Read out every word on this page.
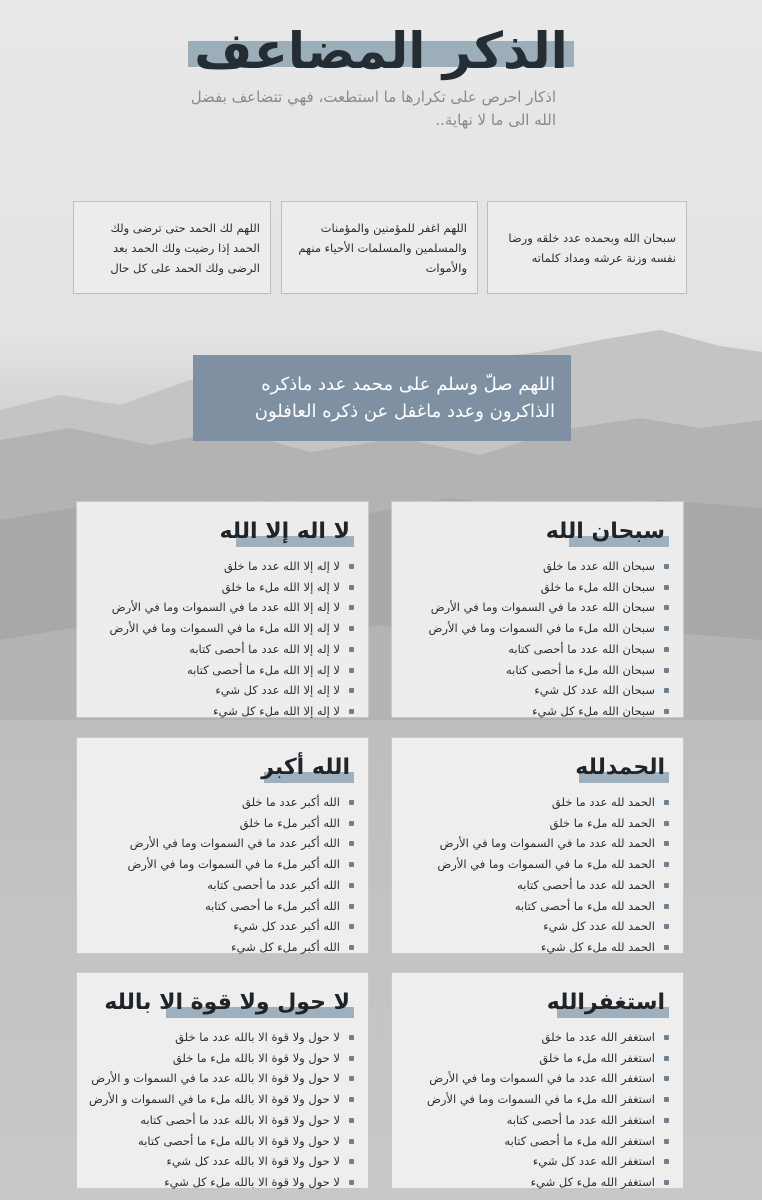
الذكر المضاعف
اذكار احرص على تكرارها ما استطعت، فهي تتضاعف بفضل الله الى ما لا نهاية..
سبحان الله وبحمده عدد خلقه ورضا نفسه وزنة عرشه ومداد كلماته
اللهم اغفر للمؤمنين والمؤمنات والمسلمين والمسلمات الأحياء منهم والأموات
اللهم لك الحمد حتى ترضى ولك الحمد إذا رضيت ولك الحمد بعد الرضى ولك الحمد على كل حال
اللهم صلّ وسلم على محمد عدد ماذكره الذاكرون وعدد ماغفل عن ذكره العافلون
سبحان الله
سبحان الله عدد ما خلق
سبحان الله ملء ما خلق
سبحان الله عدد ما في السموات وما في الأرض
سبحان الله ملء ما في السموات وما في الأرض
سبحان الله عدد ما أحصى كتابه
سبحان الله ملء ما أحصى كتابه
سبحان الله عدد كل شيء
سبحان الله ملء كل شيء
لا اله إلا الله
لا إله إلا الله عدد ما خلق
لا إله إلا الله ملء ما خلق
لا إله إلا الله عدد ما في السموات وما في الأرض
لا إله إلا الله ملء ما في السموات وما في الأرض
لا إله إلا الله عدد ما أحصى كتابه
لا إله إلا الله ملء ما أحصى كتابه
لا إله إلا الله عدد كل شيء
لا إله إلا الله ملء كل شيء
الحمدلله
الحمد لله عدد ما خلق
الحمد لله ملء ما خلق
الحمد لله عدد ما في السموات وما في الأرض
الحمد لله ملء ما في السموات وما في الأرض
الحمد لله عدد ما أحصى كتابه
الحمد لله ملء ما أحصى كتابه
الحمد لله عدد كل شيء
الحمد لله ملء كل شيء
الله أكبر
الله أكبر عدد ما خلق
الله أكبر ملء ما خلق
الله أكبر عدد ما في السموات وما في الأرض
الله أكبر ملء ما في السموات وما في الأرض
الله أكبر عدد ما أحصى كتابه
الله أكبر ملء ما أحصى كتابه
الله أكبر عدد كل شيء
الله أكبر ملء كل شيء
استغفرالله
استغفر الله عدد ما خلق
استغفر الله ملء ما خلق
استغفر الله عدد ما في السموات وما في الأرض
استغفر الله ملء ما في السموات وما في الأرض
استغفر الله عدد ما أحصى كتابه
استغفر الله ملء ما أحصى كتابه
استغفر الله عدد كل شيء
استغفر الله ملء كل شيء
لا حول ولا قوة الا بالله
لا حول ولا قوة الا بالله عدد ما خلق
لا حول ولا قوة الا بالله ملء ما خلق
لا حول ولا قوة الا بالله عدد ما في السموات و الأرض
لا حول ولا قوة الا بالله ملء ما في السموات و الأرض
لا حول ولا قوة الا بالله عدد ما أحصى كتابه
لا حول ولا قوة الا بالله ملء ما أحصى كتابه
لا حول ولا قوة الا بالله عدد كل شيء
لا حول ولا قوة الا بالله ملء كل شيء
